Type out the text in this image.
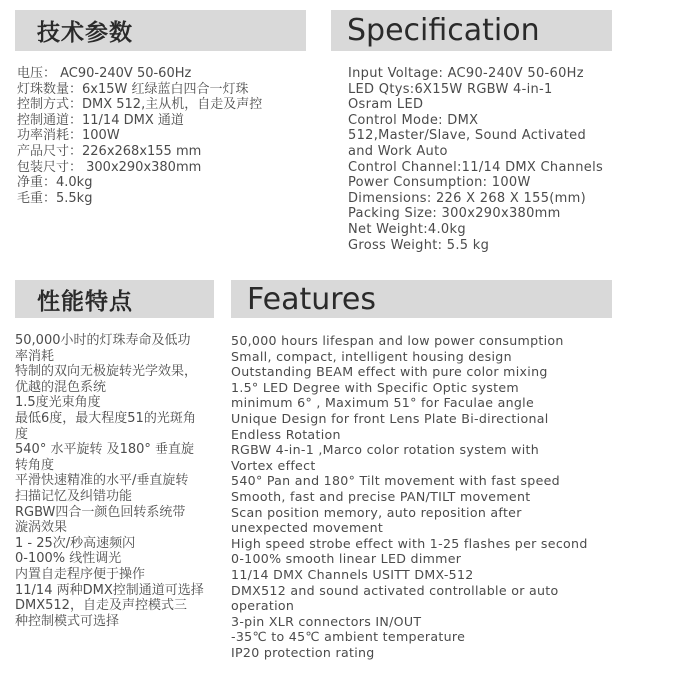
技术参数	Specification
电压： AC90-240V 50-60Hz
灯珠数量：6x15W 红绿蓝白四合一灯珠
控制方式：DMX 512,主从机，自走及声控
控制通道：11/14 DMX 通道
功率消耗：100W
产品尺寸：226x268x155 mm
包装尺寸： 300x290x380mm
净重：4.0kg
毛重：5.5kg
Input Voltage: AC90-240V 50-60Hz
LED Qtys:6X15W RGBW 4-in-1
Osram LED
Control Mode: DMX
512,Master/Slave, Sound Activated
and Work Auto
Control Channel:11/14 DMX Channels
Power Consumption: 100W
Dimensions: 226 X 268 X 155(mm)
Packing Size: 300x290x380mm
Net Weight:4.0kg
Gross Weight: 5.5 kg
性能特点	Features
50,000小时的灯珠寿命及低功
率消耗
特制的双向无极旋转光学效果，
优越的混色系统
1.5度光束角度
最低6度，最大程度51的光斑角
度
540° 水平旋转 及180° 垂直旋
转角度
平滑快速精准的水平/垂直旋转
扫描记忆及纠错功能
RGBW四合一颜色回转系统带
漩涡效果
1 - 25次/秒高速频闪
0-100% 线性调光
内置自走程序便于操作
11/14 两种DMX控制通道可选择
DMX512，自走及声控模式三
种控制模式可选择
50,000 hours lifespan and low power consumption
Small, compact, intelligent housing design
Outstanding BEAM effect with pure color mixing
1.5° LED Degree with Specific Optic system
minimum 6° , Maximum 51° for Faculae angle
Unique Design for front Lens Plate Bi-directional
Endless Rotation
RGBW 4-in-1 ,Marco color rotation system with
Vortex effect
540° Pan and 180° Tilt movement with fast speed
Smooth, fast and precise PAN/TILT movement
Scan position memory, auto reposition after
unexpected movement
High speed strobe effect with 1-25 flashes per second
0-100% smooth linear LED dimmer
11/14 DMX Channels USITT DMX-512
DMX512 and sound activated controllable or auto
operation
3-pin XLR connectors IN/OUT
-35℃ to 45℃ ambient temperature
IP20 protection rating
